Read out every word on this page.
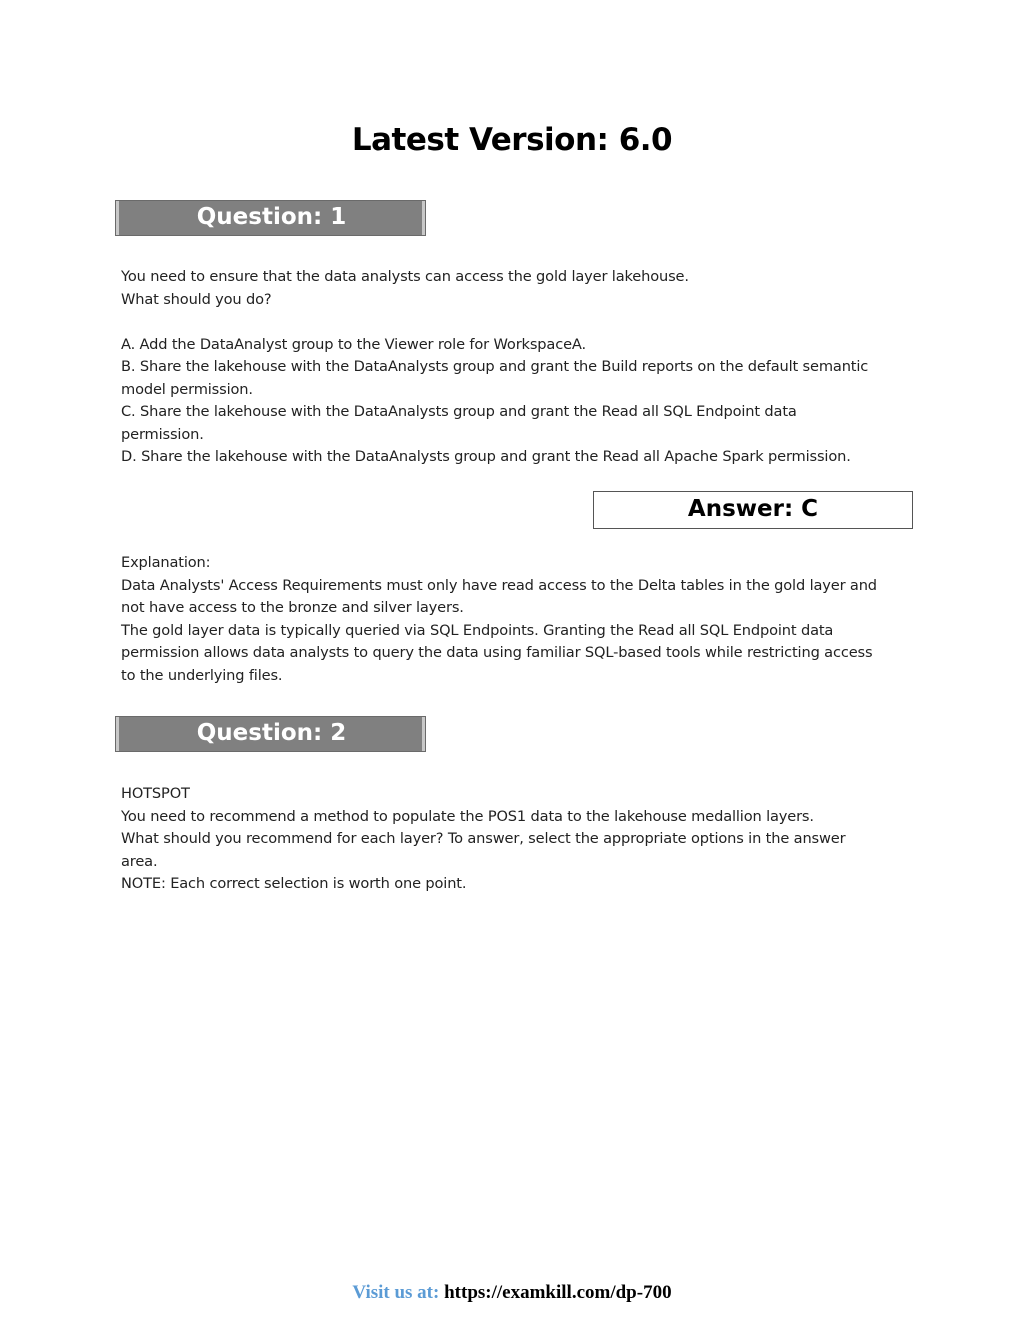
Latest Version: 6.0
Question: 1

You need to ensure that the data analysts can access the gold layer lakehouse.

What should you do?

A. Add the DataAnalyst group to the Viewer role for WorkspaceA.

B. Share the lakehouse with the DataAnalysts group and grant the Build reports on the default semantic

model permission.

C. Share the lakehouse with the DataAnalysts group and grant the Read all SQL Endpoint data

permission.

D. Share the lakehouse with the DataAnalysts group and grant the Read all Apache Spark permission.

Answer: C

Explanation:

Data Analysts' Access Requirements must only have read access to the Delta tables in the gold layer and

not have access to the bronze and silver layers.

The gold layer data is typically queried via SQL Endpoints. Granting the Read all SQL Endpoint data

permission allows data analysts to query the data using familiar SQL-based tools while restricting access

to the underlying files.

Question: 2

HOTSPOT

You need to recommend a method to populate the POS1 data to the lakehouse medallion layers.

What should you recommend for each layer? To answer, select the appropriate options in the answer

area.

NOTE: Each correct selection is worth one point.

Visit us at: https://examkill.com/dp-700
